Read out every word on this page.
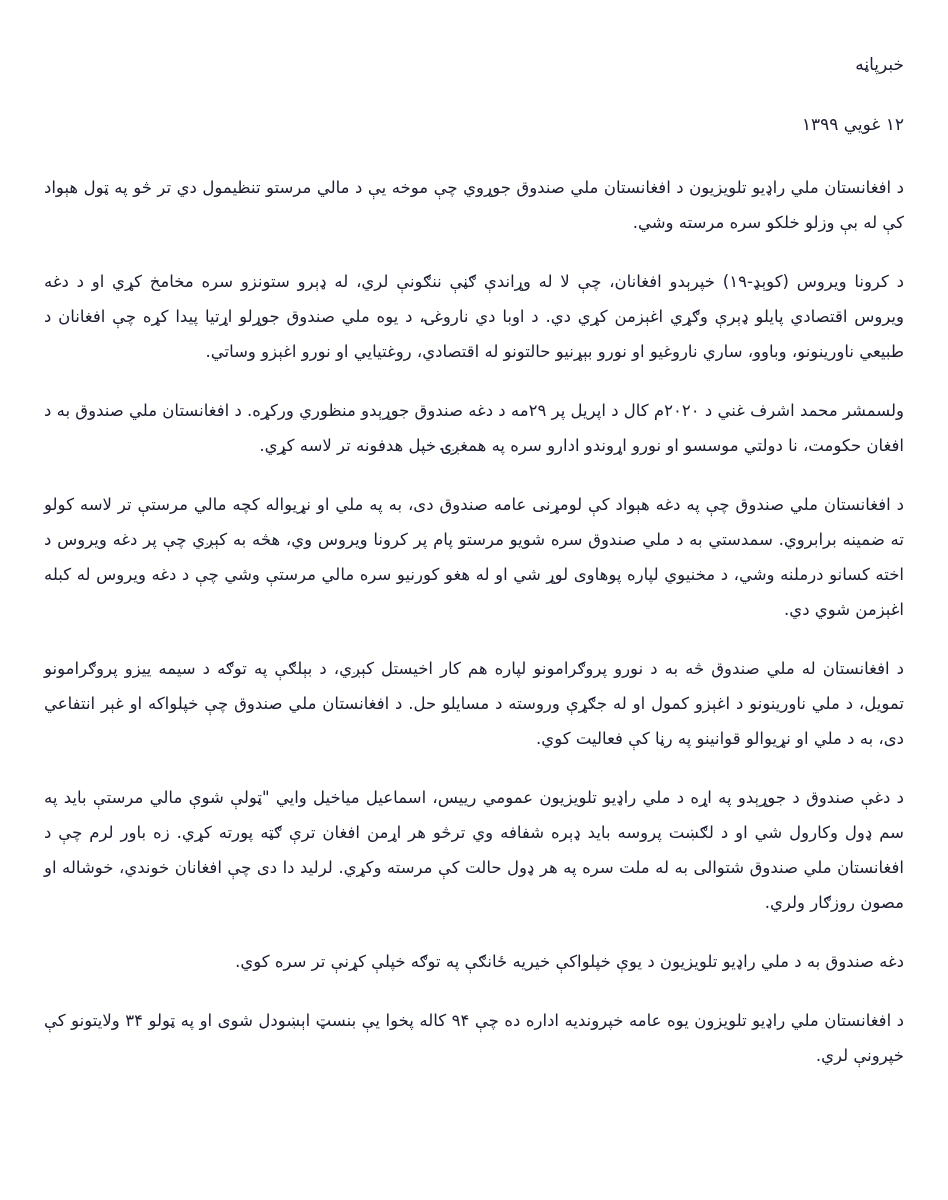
خبرپاڼه
۱۲ غويي ۱۳۹۹

د افغانستان ملي راډيو تلويزيون د افغانستان ملي صندوق جوړوي چې موخه يې د مالي مرستو تنظيمول دي تر څو په ټول هېواد کې له بې وزلو خلکو سره مرسته وشي.

د کرونا ويروس (کوېډ-۱۹) خپرېدو افغانان، چې لا له وړاندې ګڼې ننګونې لري، له ډېرو ستونزو سره مخامخ کړي او د دغه ويروس اقتصادي پايلو ډېرې وګړي اغېزمن کړي دي. د اوبا دي ناروغۍ، د يوه ملي صندوق جوړلو اړتيا پيدا کړه چې افغانان د طبيعي ناورينونو، وباوو، ساري ناروغيو او نورو بېړنيو حالتونو له اقتصادي، روغتيايي او نورو اغېزو وساتي.

ولسمشر محمد اشرف غني د ۲۰۲۰م کال د اپريل پر ۲۹مه د دغه صندوق جوړېدو منظوري ورکړه. د افغانستان ملي صندوق به د افغان حکومت، نا دولتي موسسو او نورو اړوندو ادارو سره په همغږۍ خپل هدفونه تر لاسه کړي.

د افغانستان ملي صندوق چې په دغه هېواد کې لومړنی عامه صندوق دی، به په ملي او نړيواله کچه مالي مرستې تر لاسه کولو ته ضمينه برابروي. سمدستي به د ملي صندوق سره شويو مرستو پام پر کرونا ويروس وي، هڅه به کېږي چې پر دغه ويروس د اخته کسانو درملنه وشي، د مخنيوي لپاره پوهاوی لوړ شي او له هغو کورنيو سره مالي مرستې وشي چې د دغه ويروس له کبله اغېزمن شوي دي.

د افغانستان له ملي صندوق څه به د نورو پروګرامونو لپاره هم کار اخيستل کېږي، د بېلګې په توګه د سيمه ييزو پروګرامونو تمويل، د ملي ناورينونو د اغېزو کمول او له جګړې وروسته د مسايلو حل. د افغانستان ملي صندوق چې خپلواکه او غېر انتفاعي دی، به د ملي او نړيوالو قوانينو په رڼا کې فعاليت کوي.

د دغې صندوق د جوړېدو په اړه د ملي راډيو تلويزيون عمومي رييس، اسماعيل مياخيل وايي "ټولې شوې مالي مرستې بايد په سم ډول وکارول شي او د لګښت پروسه بايد ډېره شفافه وي ترڅو هر اړمن افغان ترې ګټه پورته کړي. زه باور لرم چې د افغانستان ملي صندوق شتوالی به له ملت سره په هر ډول حالت کې مرسته وکړي. لرليد دا دی چې افغانان خوندي، خوشاله او مصون روزګار ولري.

دغه صندوق به د ملي راډيو تلويزيون د يوې خپلواکې خيريه ځانګې په توګه خپلې کړنې تر سره کوي.

د افغانستان ملي راډيو تلويزون يوه عامه خپرونديه اداره ده چې ۹۴ کاله پخوا يې بنسټ اېښودل شوی او په ټولو ۳۴ ولايتونو کې خپرونې لري.
